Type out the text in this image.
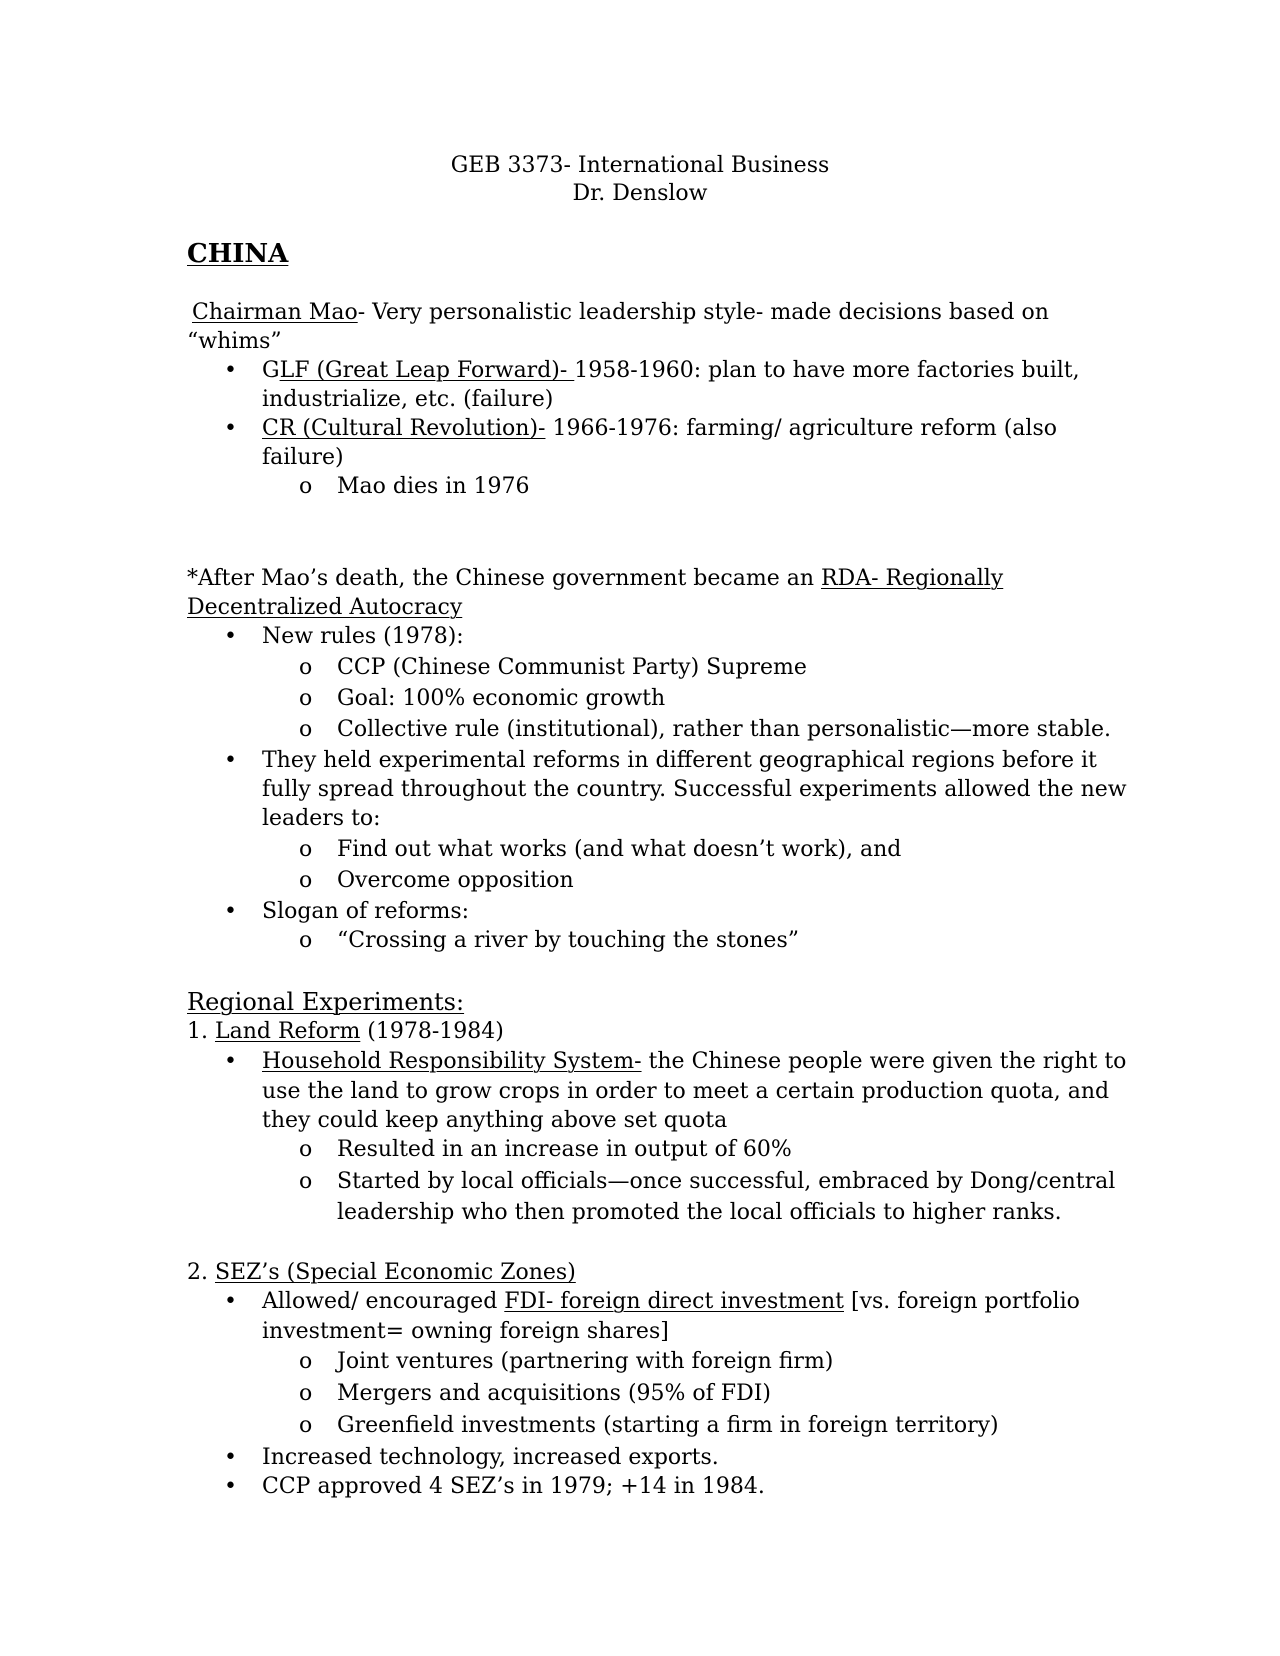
GEB 3373- International Business
Dr. Denslow
CHINA
Chairman Mao- Very personalistic leadership style- made decisions based on
“whims”
• GLF (Great Leap Forward)- 1958-1960: plan to have more factories built,
industrialize, etc. (failure)
• CR (Cultural Revolution)- 1966-1976: farming/ agriculture reform (also
failure)
o Mao dies in 1976
*After Mao’s death, the Chinese government became an RDA- Regionally
Decentralized Autocracy
• New rules (1978):
o CCP (Chinese Communist Party) Supreme
o Goal: 100% economic growth
o Collective rule (institutional), rather than personalistic—more stable.
• They held experimental reforms in different geographical regions before it
fully spread throughout the country. Successful experiments allowed the new
leaders to:
o Find out what works (and what doesn’t work), and
o Overcome opposition
• Slogan of reforms:
o “Crossing a river by touching the stones”
Regional Experiments:
1. Land Reform (1978-1984)
• Household Responsibility System- the Chinese people were given the right to
use the land to grow crops in order to meet a certain production quota, and
they could keep anything above set quota
o Resulted in an increase in output of 60%
o Started by local officials—once successful, embraced by Dong/central
leadership who then promoted the local officials to higher ranks.
2. SEZ’s (Special Economic Zones)
• Allowed/ encouraged FDI- foreign direct investment [vs. foreign portfolio
investment= owning foreign shares]
o Joint ventures (partnering with foreign firm)
o Mergers and acquisitions (95% of FDI)
o Greenfield investments (starting a firm in foreign territory)
• Increased technology, increased exports.
• CCP approved 4 SEZ’s in 1979; +14 in 1984.
